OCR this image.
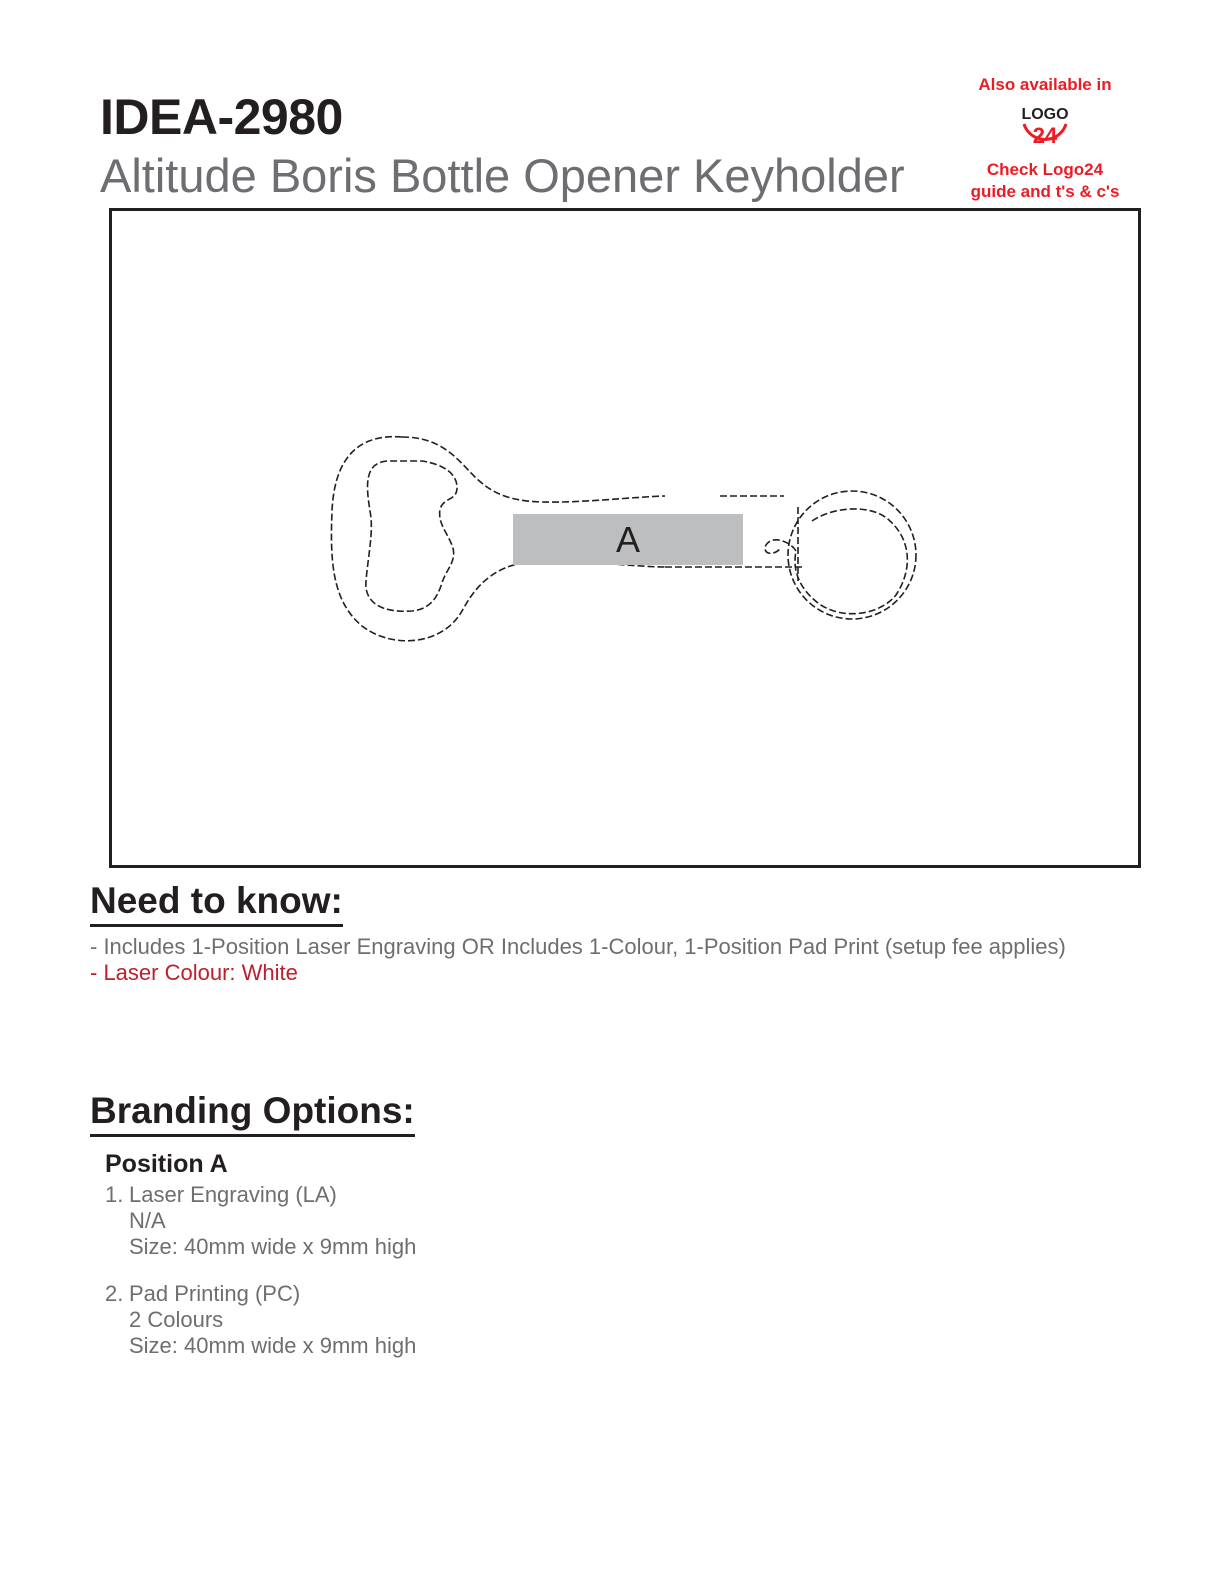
IDEA-2980
Altitude Boris Bottle Opener Keyholder
Also available in
LOGO
24
Check Logo24
guide and t's & c's
A
Need to know:
- Includes 1-Position Laser Engraving OR Includes 1-Colour, 1-Position Pad Print (setup fee applies)
- Laser Colour: White
Branding Options:
Position A
1. Laser Engraving (LA)
N/A
Size: 40mm wide x 9mm high
2. Pad Printing (PC)
2 Colours
Size: 40mm wide x 9mm high
